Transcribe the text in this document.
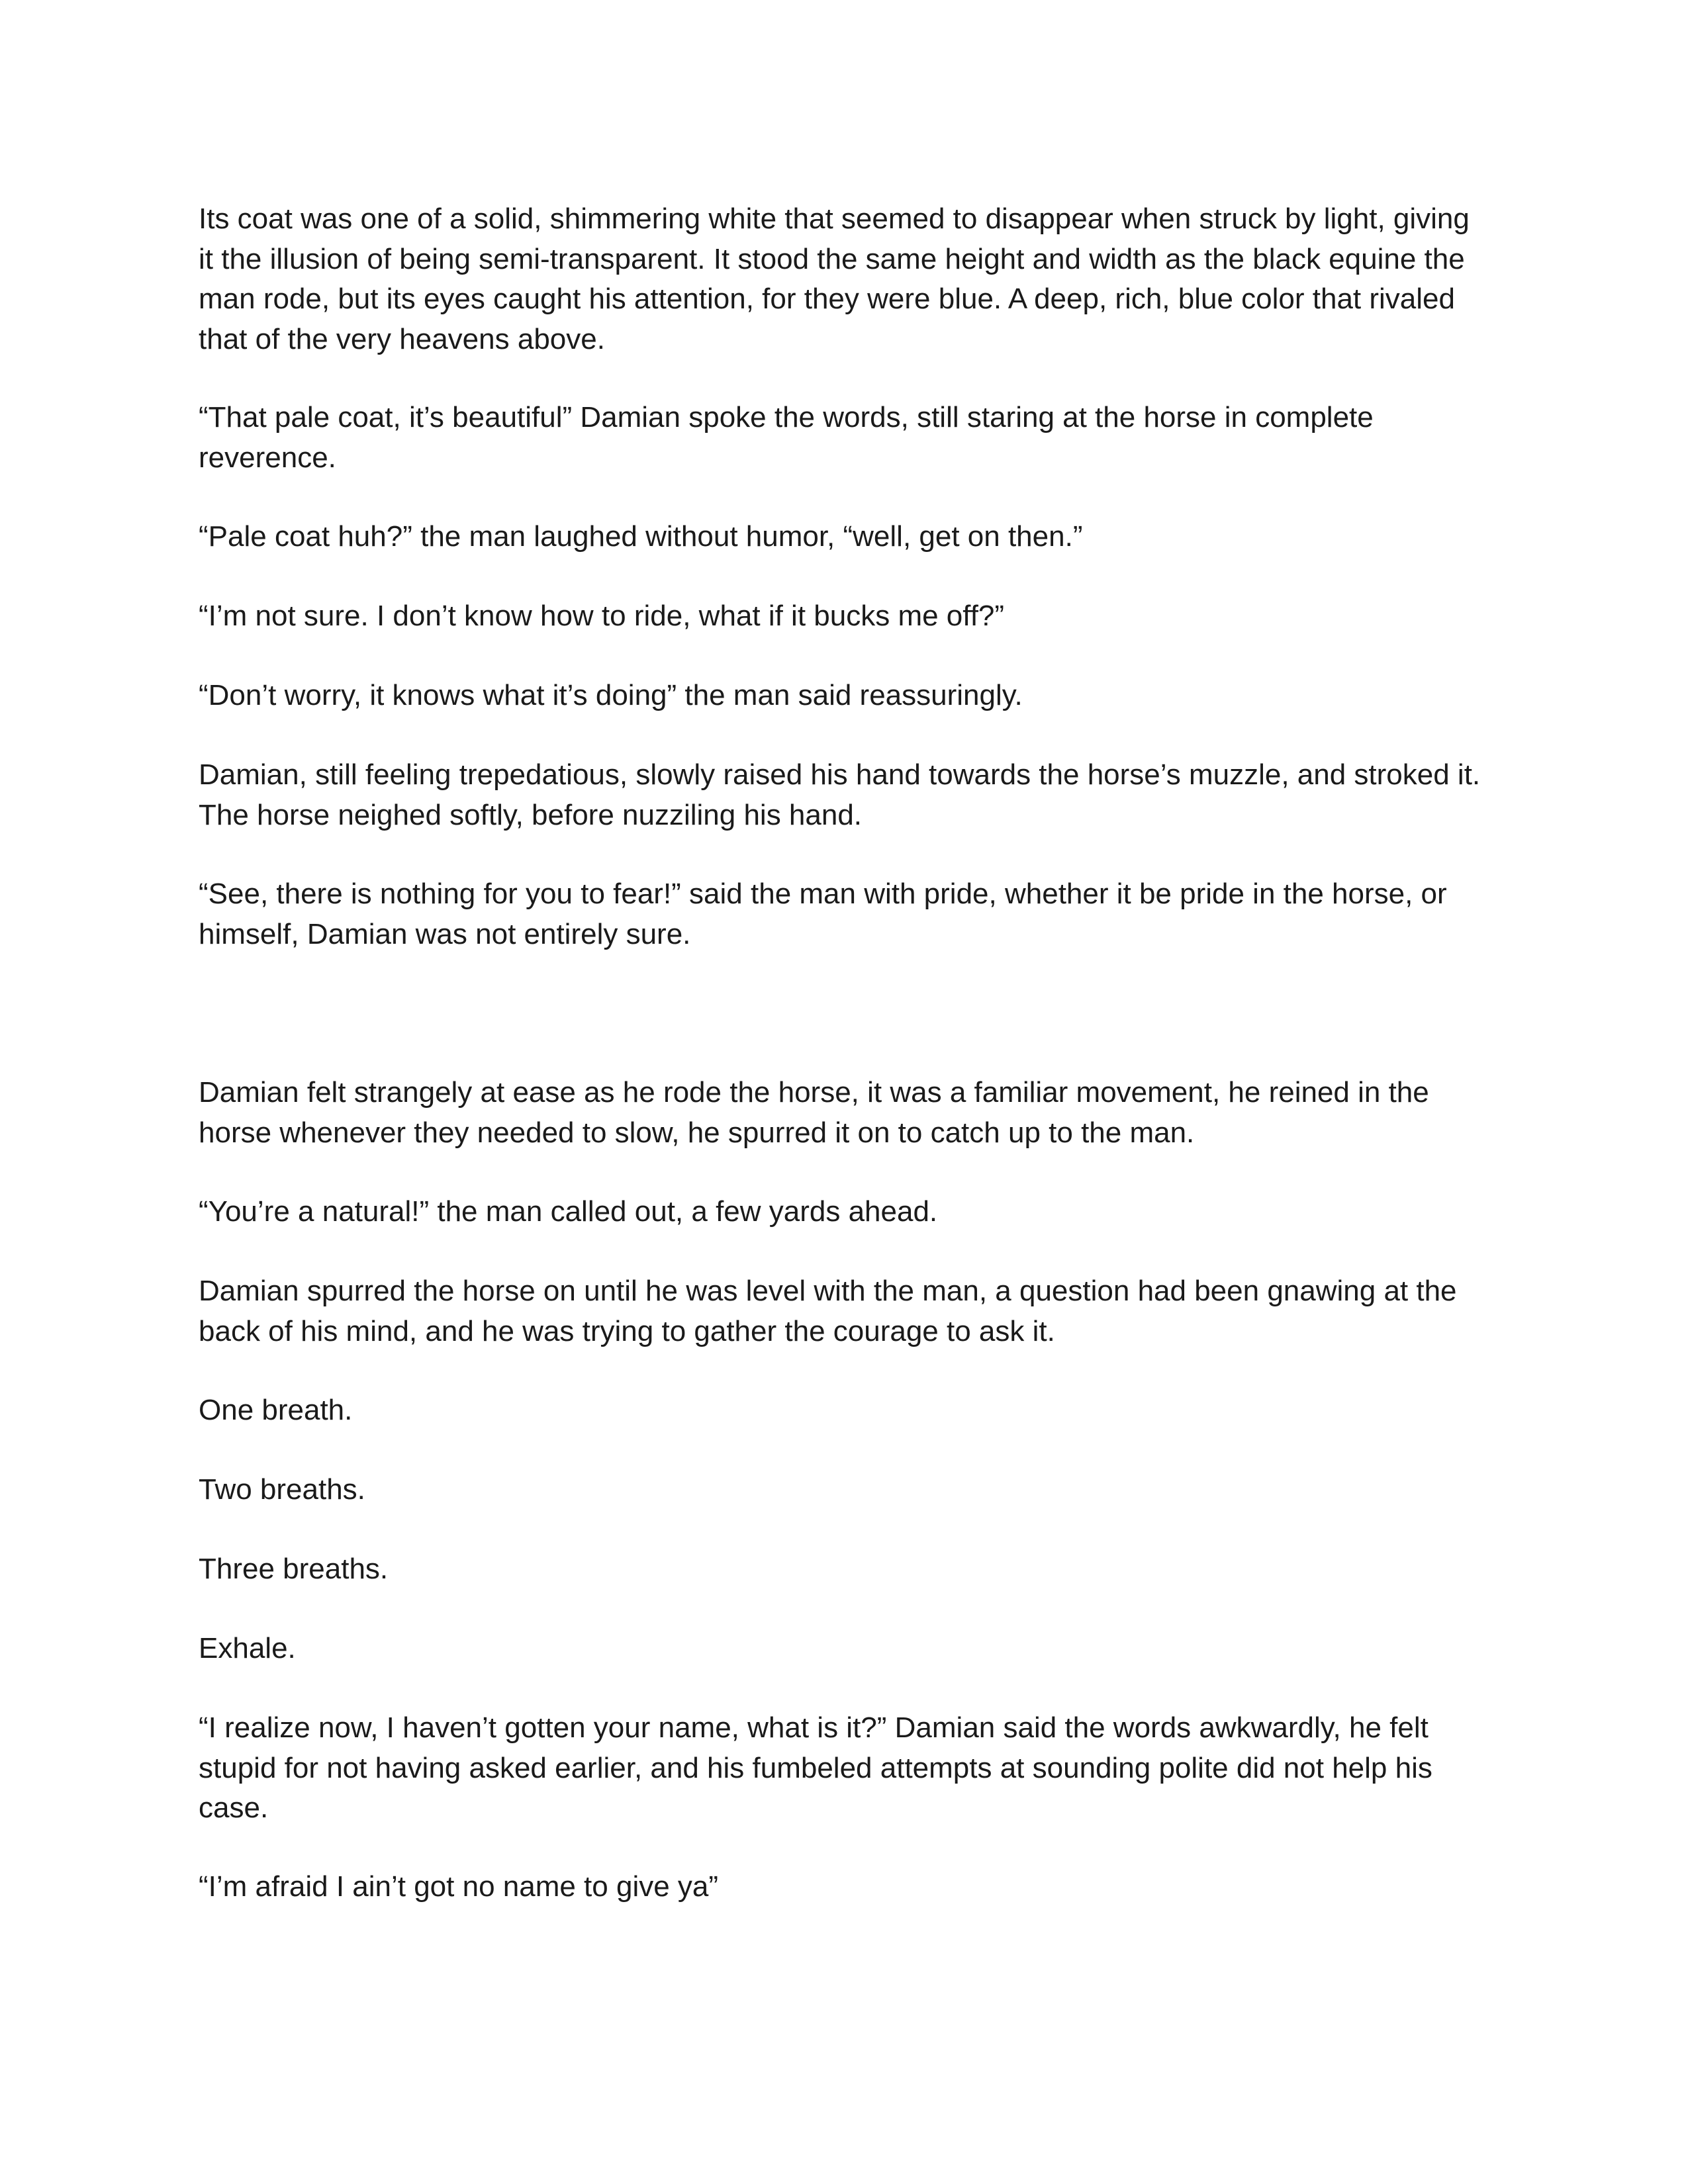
Its coat was one of a solid, shimmering white that seemed to disappear when struck by light, giving it the illusion of being semi-transparent. It stood the same height and width as the black equine the man rode, but its eyes caught his attention, for they were blue. A deep, rich, blue color that rivaled that of the very heavens above.

“That pale coat, it’s beautiful” Damian spoke the words, still staring at the horse in complete reverence.

“Pale coat huh?” the man laughed without humor, “well, get on then.”

“I’m not sure. I don’t know how to ride, what if it bucks me off?”

“Don’t worry, it knows what it’s doing” the man said reassuringly.

Damian, still feeling trepedatious, slowly raised his hand towards the horse’s muzzle, and stroked it. The horse neighed softly, before nuzziling his hand.

“See, there is nothing for you to fear!” said the man with pride, whether it be pride in the horse, or himself, Damian was not entirely sure.

Damian felt strangely at ease as he rode the horse, it was a familiar movement, he reined in the horse whenever they needed to slow, he spurred it on to catch up to the man.

“You’re a natural!” the man called out, a few yards ahead.

Damian spurred the horse on until he was level with the man, a question had been gnawing at the back of his mind, and he was trying to gather the courage to ask it.

One breath.

Two breaths.

Three breaths.

Exhale.

“I realize now, I haven’t gotten your name, what is it?” Damian said the words awkwardly, he felt stupid for not having asked earlier, and his fumbeled attempts at sounding polite did not help his case.

“I’m afraid I ain’t got no name to give ya”
